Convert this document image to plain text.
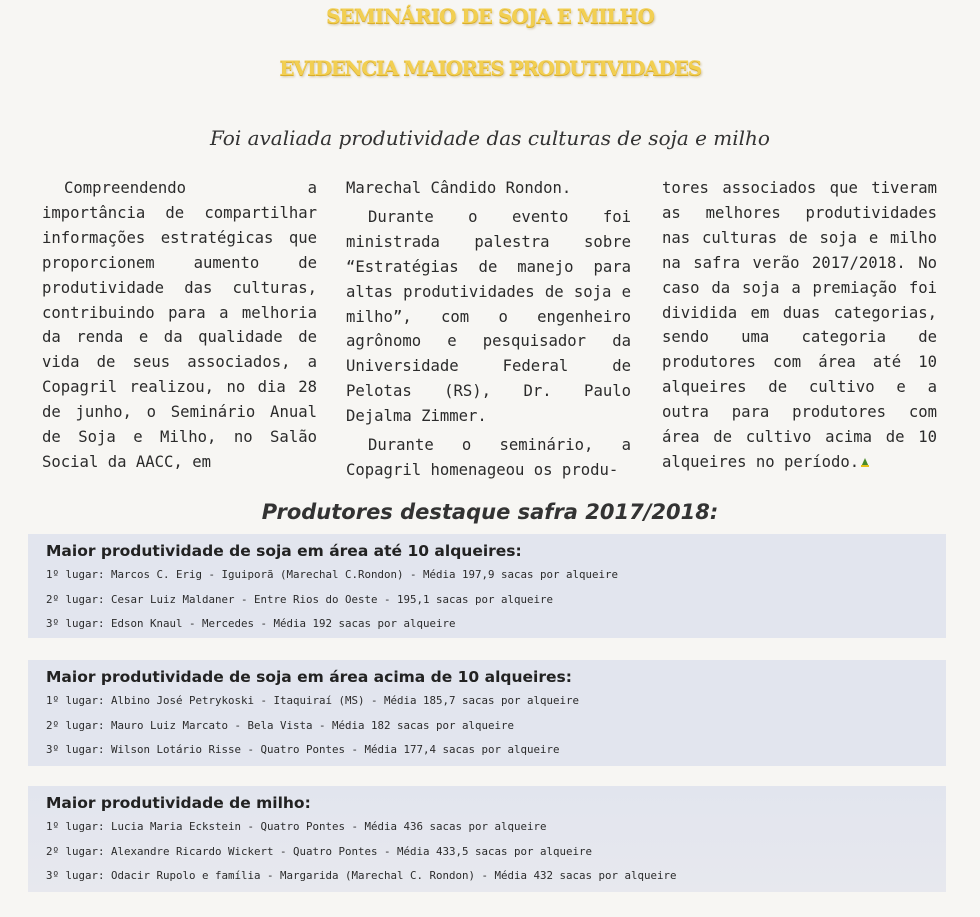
SEMINÁRIO DE SOJA E MILHO
EVIDENCIA MAIORES PRODUTIVIDADES
Foi avaliada produtividade das culturas de soja e milho

Compreendendo a importância de compartilhar informações estratégicas que proporcionem aumento de produtividade das culturas, contribuindo para a melhoria da renda e da qualidade de vida de seus associados, a Copagril realizou, no dia 28 de junho, o Seminário Anual de Soja e Milho, no Salão Social da AACC, em

Marechal Cândido Rondon.

Durante o evento foi ministrada palestra sobre “Estratégias de manejo para altas produtividades de soja e milho”, com o engenheiro agrônomo e pesquisador da Universidade Federal de Pelotas (RS), Dr. Paulo Dejalma Zimmer.

Durante o seminário, a Copagril homenageou os produ-

tores associados que tiveram as melhores produtividades nas culturas de soja e milho na safra verão 2017/2018. No caso da soja a premiação foi dividida em duas categorias, sendo uma categoria de produtores com área até 10 alqueires de cultivo e a outra para produtores com área de cultivo acima de 10 alqueires no período.

Produtores destaque safra 2017/2018:
Maior produtividade de soja em área até 10 alqueires:
1º lugar: Marcos C. Erig - Iguiporã (Marechal C.Rondon) - Média 197,9 sacas por alqueire
2º lugar: Cesar Luiz Maldaner - Entre Rios do Oeste - 195,1 sacas por alqueire
3º lugar: Edson Knaul - Mercedes - Média 192 sacas por alqueire
Maior produtividade de soja em área acima de 10 alqueires:
1º lugar: Albino José Petrykoski - Itaquiraí (MS) - Média 185,7 sacas por alqueire
2º lugar: Mauro Luiz Marcato - Bela Vista - Média 182 sacas por alqueire
3º lugar: Wilson Lotário Risse - Quatro Pontes - Média 177,4 sacas por alqueire
Maior produtividade de milho:
1º lugar: Lucia Maria Eckstein - Quatro Pontes - Média 436 sacas por alqueire
2º lugar: Alexandre Ricardo Wickert - Quatro Pontes - Média 433,5 sacas por alqueire
3º lugar: Odacir Rupolo e família - Margarida (Marechal C. Rondon) - Média 432 sacas por alqueire
